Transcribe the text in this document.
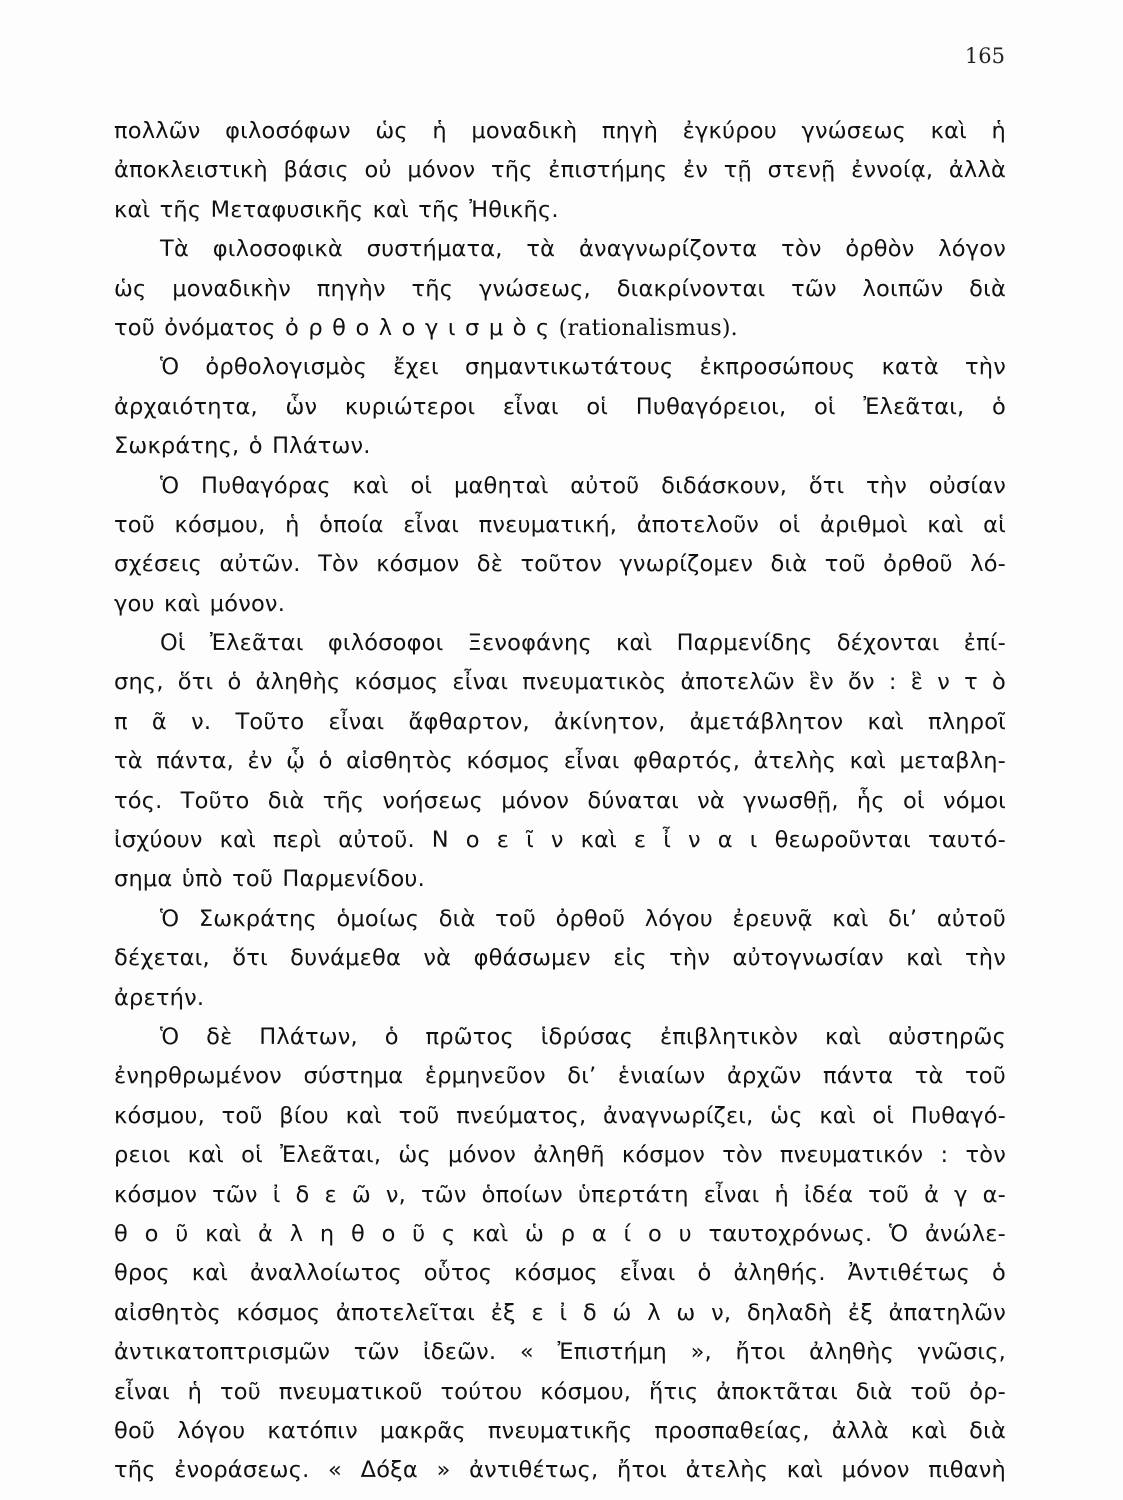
165
πολλῶν φιλοσόφων ὡς ἡ μοναδικὴ πηγὴ ἐγκύρου γνώσεως καὶ ἡ
ἀποκλειστικὴ βάσις οὐ μόνον τῆς ἐπιστήμης ἐν τῇ στενῇ ἐννοίᾳ, ἀλλὰ
καὶ τῆς Μεταφυσικῆς καὶ τῆς Ἠθικῆς.
Τὰ φιλοσοφικὰ συστήματα, τὰ ἀναγνωρίζοντα τὸν ὀρθὸν λόγον
ὡς μοναδικὴν πηγὴν τῆς γνώσεως, διακρίνονται τῶν λοιπῶν διὰ
τοῦ ὀνόματος ὀ ρ θ ο λ ο γ ι σ μ ὸ ς (rationalismus).
Ὁ ὀρθολογισμὸς ἔχει σημαντικωτάτους ἐκπροσώπους κατὰ τὴν
ἀρχαιότητα, ὧν κυριώτεροι εἶναι οἱ Πυθαγόρειοι, οἱ Ἐλεᾶται, ὁ
Σωκράτης, ὁ Πλάτων.
Ὁ Πυθαγόρας καὶ οἱ μαθηταὶ αὐτοῦ διδάσκουν, ὅτι τὴν οὐσίαν
τοῦ κόσμου, ἡ ὁποία εἶναι πνευματική, ἀποτελοῦν οἱ ἀριθμοὶ καὶ αἱ
σχέσεις αὐτῶν. Τὸν κόσμον δὲ τοῦτον γνωρίζομεν διὰ τοῦ ὀρθοῦ λό-
γου καὶ μόνον.
Οἱ Ἐλεᾶται φιλόσοφοι Ξενοφάνης καὶ Παρμενίδης δέχονται ἐπί-
σης, ὅτι ὁ ἀληθὴς κόσμος εἶναι πνευματικὸς ἀποτελῶν ἓν ὄν : ἓ ν τ ὸ
π ᾶ ν. Τοῦτο εἶναι ἄφθαρτον, ἀκίνητον, ἀμετάβλητον καὶ πληροῖ
τὰ πάντα, ἐν ᾧ ὁ αἰσθητὸς κόσμος εἶναι φθαρτός, ἀτελὴς καὶ μεταβλη-
τός. Τοῦτο διὰ τῆς νοήσεως μόνον δύναται νὰ γνωσθῇ, ἧς οἱ νόμοι
ἰσχύουν καὶ περὶ αὐτοῦ. Ν ο ε ῖ ν καὶ ε ἶ ν α ι θεωροῦνται ταυτό-
σημα ὑπὸ τοῦ Παρμενίδου.
Ὁ Σωκράτης ὁμοίως διὰ τοῦ ὀρθοῦ λόγου ἐρευνᾷ καὶ δι’ αὐτοῦ
δέχεται, ὅτι δυνάμεθα νὰ φθάσωμεν εἰς τὴν αὐτογνωσίαν καὶ τὴν
ἀρετήν.
Ὁ δὲ Πλάτων, ὁ πρῶτος ἱδρύσας ἐπιβλητικὸν καὶ αὐστηρῶς
ἐνηρθρωμένον σύστημα ἑρμηνεῦον δι’ ἑνιαίων ἀρχῶν πάντα τὰ τοῦ
κόσμου, τοῦ βίου καὶ τοῦ πνεύματος, ἀναγνωρίζει, ὡς καὶ οἱ Πυθαγό-
ρειοι καὶ οἱ Ἐλεᾶται, ὡς μόνον ἀληθῆ κόσμον τὸν πνευματικόν : τὸν
κόσμον τῶν ἰ δ ε ῶ ν, τῶν ὁποίων ὑπερτάτη εἶναι ἡ ἰδέα τοῦ ἀ γ α-
θ ο ῦ καὶ ἀ λ η θ ο ῦ ς καὶ ὡ ρ α ί ο υ ταυτοχρόνως. Ὁ ἀνώλε-
θρος καὶ ἀναλλοίωτος οὗτος κόσμος εἶναι ὁ ἀληθής. Ἀντιθέτως ὁ
αἰσθητὸς κόσμος ἀποτελεῖται ἐξ ε ἰ δ ώ λ ω ν, δηλαδὴ ἐξ ἀπατηλῶν
ἀντικατοπτρισμῶν τῶν ἰδεῶν. « Ἐπιστήμη », ἤτοι ἀληθὴς γνῶσις,
εἶναι ἡ τοῦ πνευματικοῦ τούτου κόσμου, ἥτις ἀποκτᾶται διὰ τοῦ ὀρ-
θοῦ λόγου κατόπιν μακρᾶς πνευματικῆς προσπαθείας, ἀλλὰ καὶ διὰ
τῆς ἐνοράσεως. « Δόξα » ἀντιθέτως, ἤτοι ἀτελὴς καὶ μόνον πιθανὴ
